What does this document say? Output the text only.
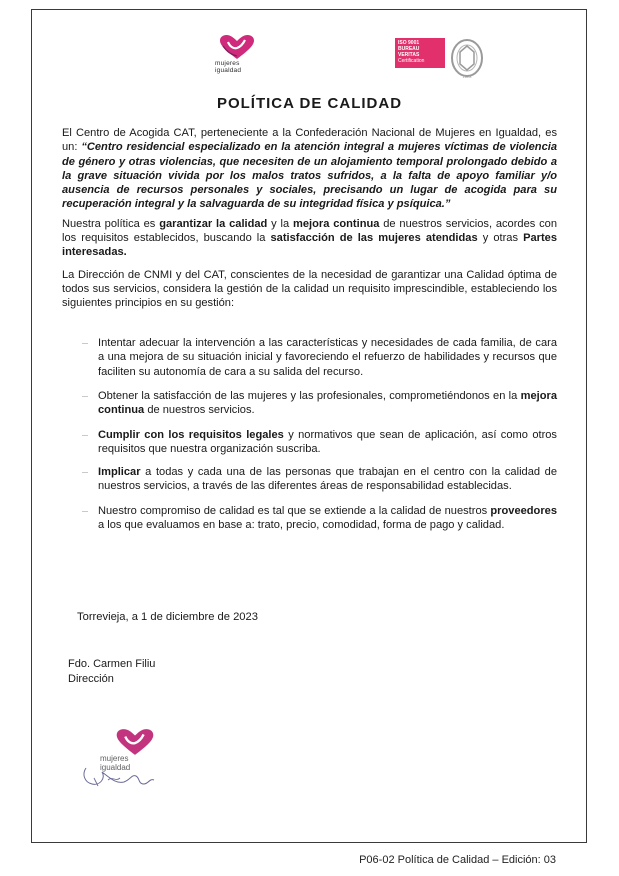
mujeres
igualdad
ISO 9001
BUREAU VERITAS
Certification
1828
POLÍTICA DE CALIDAD

El Centro de Acogida CAT, perteneciente a la Confederación Nacional de Mujeres en Igualdad, es un: “Centro residencial especializado en la atención integral a mujeres víctimas de violencia de género y otras violencias, que necesiten de un alojamiento temporal prolongado debido a la grave situación vivida por los malos tratos sufridos, a la falta de apoyo familiar y/o ausencia de recursos personales y sociales, precisando un lugar de acogida para su recuperación integral y la salvaguarda de su integridad física y psíquica.”

Nuestra política es garantizar la calidad y la mejora continua de nuestros servicios, acordes con los requisitos establecidos, buscando la satisfacción de las mujeres atendidas y otras Partes interesadas.

La Dirección de CNMI y del CAT, conscientes de la necesidad de garantizar una Calidad óptima de todos sus servicios, considera la gestión de la calidad un requisito imprescindible, estableciendo los siguientes principios en su gestión:

Intentar adecuar la intervención a las características y necesidades de cada familia, de cara a una mejora de su situación inicial y favoreciendo el refuerzo de habilidades y recursos que faciliten su autonomía de cara a su salida del recurso.

Obtener la satisfacción de las mujeres y las profesionales, comprometiéndonos en la mejora continua de nuestros servicios.

Cumplir con los requisitos legales y normativos que sean de aplicación, así como otros requisitos que nuestra organización suscriba.

Implicar a todas y cada una de las personas que trabajan en el centro con la calidad de nuestros servicios, a través de las diferentes áreas de responsabilidad establecidas.

Nuestro compromiso de calidad es tal que se extiende a la calidad de nuestros proveedores a los que evaluamos en base a: trato, precio, comodidad, forma de pago y calidad.

Torrevieja, a 1 de diciembre de 2023
Fdo. Carmen Filiu
Dirección
mujeres
igualdad
P06-02 Política de Calidad – Edición: 03
